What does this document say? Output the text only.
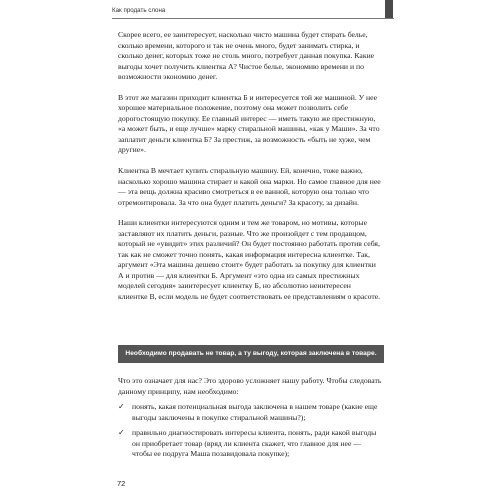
Как продать слона

Скорее всего, ее заинтересует, насколько чисто машина будет стирать белье, сколько времени, которого и так не очень много, будет занимать стирка, и сколько денег, которых тоже не столь много, потребует данная покупка. Какие выгоды хочет получить клиентка А? Чистое белье, экономию времени и по возможности экономию денег.

В этот же магазин приходит клиентка Б и интересуется той же машиной. У нее хорошее материальное положение, поэтому она может позволить себе дорогостоящую покупку. Ее главный интерес — иметь такую же престижную, «а может быть, и еще лучше» марку стиральной машины, «как у Маши». За что заплатит деньги клиентка Б? За престиж, за возможность «быть не хуже, чем другие».

Клиентка В мечтает купить стиральную машину. Ей, конечно, тоже важно, насколько хорошо машина стирает и какой она марки. Но самое главное для нее — эта вещь должна красиво смотреться в ее ванной, которую она только что отремонтировала. За что она будет платить деньги? За красоту, за дизайн.

Наши клиентки интересуются одним и тем же товаром, но мотивы, которые заставляют их платить деньги, разные. Что же произойдет с тем продавцом, который не «увидит» этих различий? Он будет постоянно работать против себя, так как не сможет точно понять, какая информация интересна клиентке. Так, аргумент «Эта машина дешево стоит» будет работать за покупку для клиентки А и против — для клиентки Б. Аргумент «это одна из самых престижных моделей сегодня» заинтересует клиентку Б, но абсолютно неинтересен клиентке В, если модель не будет соответствовать ее представлениям о красоте.

Необходимо продавать не товар, а ту выгоду, которая заключена в товаре.

Что это означает для нас? Это здорово усложняет нашу работу. Чтобы следовать данному принципу, нам необходимо:

✓ понять, какая потенциальная выгода заключена в нашем товаре (какие еще выгоды заключены в покупке стиральной машины?);
✓ правильно диагностировать интересы клиента, понять, ради какой выгоды он приобретает товар (вряд ли клиента скажет, что главное для нее — чтобы ее подруга Маша позавидовала покупке);
72
